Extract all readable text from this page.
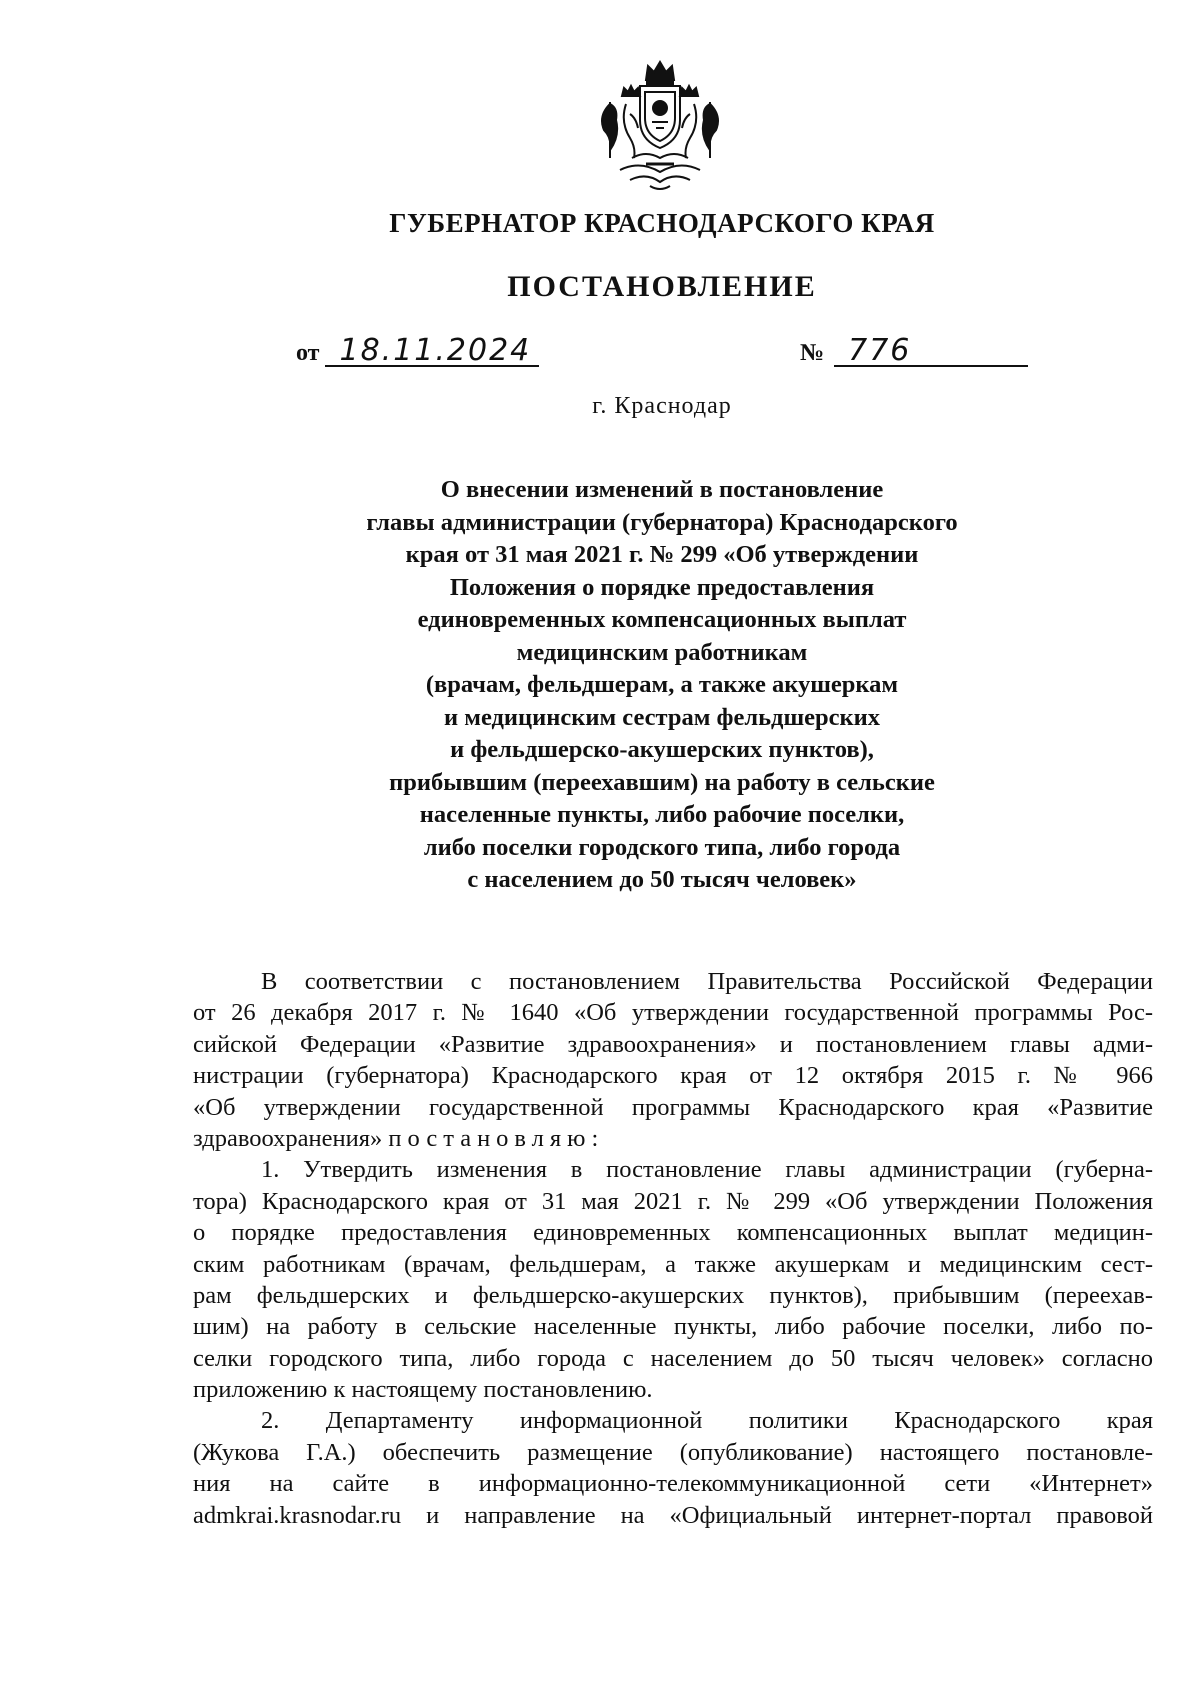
ГУБЕРНАТОР КРАСНОДАРСКОГО КРАЯ
ПОСТАНОВЛЕНИЕ
от 18.11.2024	№ 776
г. Краснодар
О внесении изменений в постановление
главы администрации (губернатора) Краснодарского
края от 31 мая 2021 г. № 299 «Об утверждении
Положения о порядке предоставления
единовременных компенсационных выплат
медицинским работникам
(врачам, фельдшерам, а также акушеркам
и медицинским сестрам фельдшерских
и фельдшерско-акушерских пунктов),
прибывшим (переехавшим) на работу в сельские
населенные пункты, либо рабочие поселки,
либо поселки городского типа, либо города
с населением до 50 тысяч человек»
В соответствии с постановлением Правительства Российской Федерации
от 26 декабря 2017 г. № 1640 «Об утверждении государственной программы Рос-
сийской Федерации «Развитие здравоохранения» и постановлением главы адми-
нистрации (губернатора) Краснодарского края от 12 октября 2015 г. № 966
«Об утверждении государственной программы Краснодарского края «Развитие
здравоохранения» постановляю:
1. Утвердить изменения в постановление главы администрации (губерна-
тора) Краснодарского края от 31 мая 2021 г. № 299 «Об утверждении Положения
о порядке предоставления единовременных компенсационных выплат медицин-
ским работникам (врачам, фельдшерам, а также акушеркам и медицинским сест-
рам фельдшерских и фельдшерско-акушерских пунктов), прибывшим (переехав-
шим) на работу в сельские населенные пункты, либо рабочие поселки, либо по-
селки городского типа, либо города с населением до 50 тысяч человек» согласно
приложению к настоящему постановлению.
2. Департаменту информационной политики Краснодарского края
(Жукова Г.А.) обеспечить размещение (опубликование) настоящего постановле-
ния на сайте в информационно-телекоммуникационной сети «Интернет»
admkrai.krasnodar.ru и направление на «Официальный интернет-портал правовой
